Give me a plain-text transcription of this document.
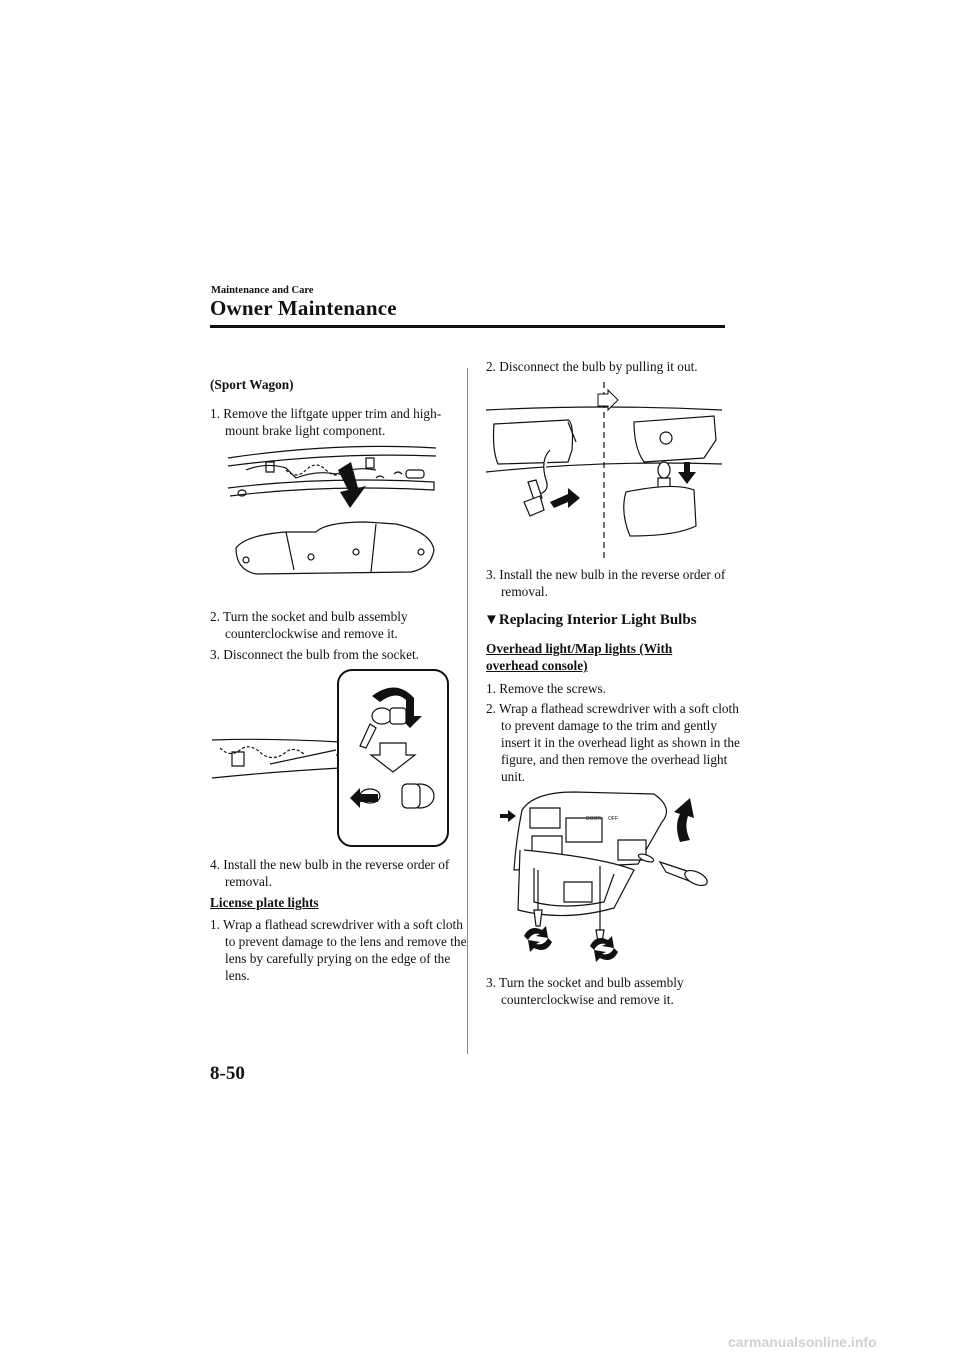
Maintenance and Care
Owner Maintenance
(Sport Wagon)
1. Remove the liftgate upper trim and high-mount brake light component.
2. Turn the socket and bulb assembly counterclockwise and remove it.
3. Disconnect the bulb from the socket.
4. Install the new bulb in the reverse order of removal.
License plate lights
1. Wrap a flathead screwdriver with a soft cloth to prevent damage to the lens and remove the lens by carefully prying on the edge of the lens.
2. Disconnect the bulb by pulling it out.
3. Install the new bulb in the reverse order of removal.
▼Replacing Interior Light Bulbs
Overhead light/Map lights (With overhead console)
1. Remove the screws.
2. Wrap a flathead screwdriver with a soft cloth to prevent damage to the trim and gently insert it in the overhead light as shown in the figure, and then remove the overhead light unit.
DOOR OFF
3. Turn the socket and bulb assembly counterclockwise and remove it.
8-50
carmanualsonline.info
